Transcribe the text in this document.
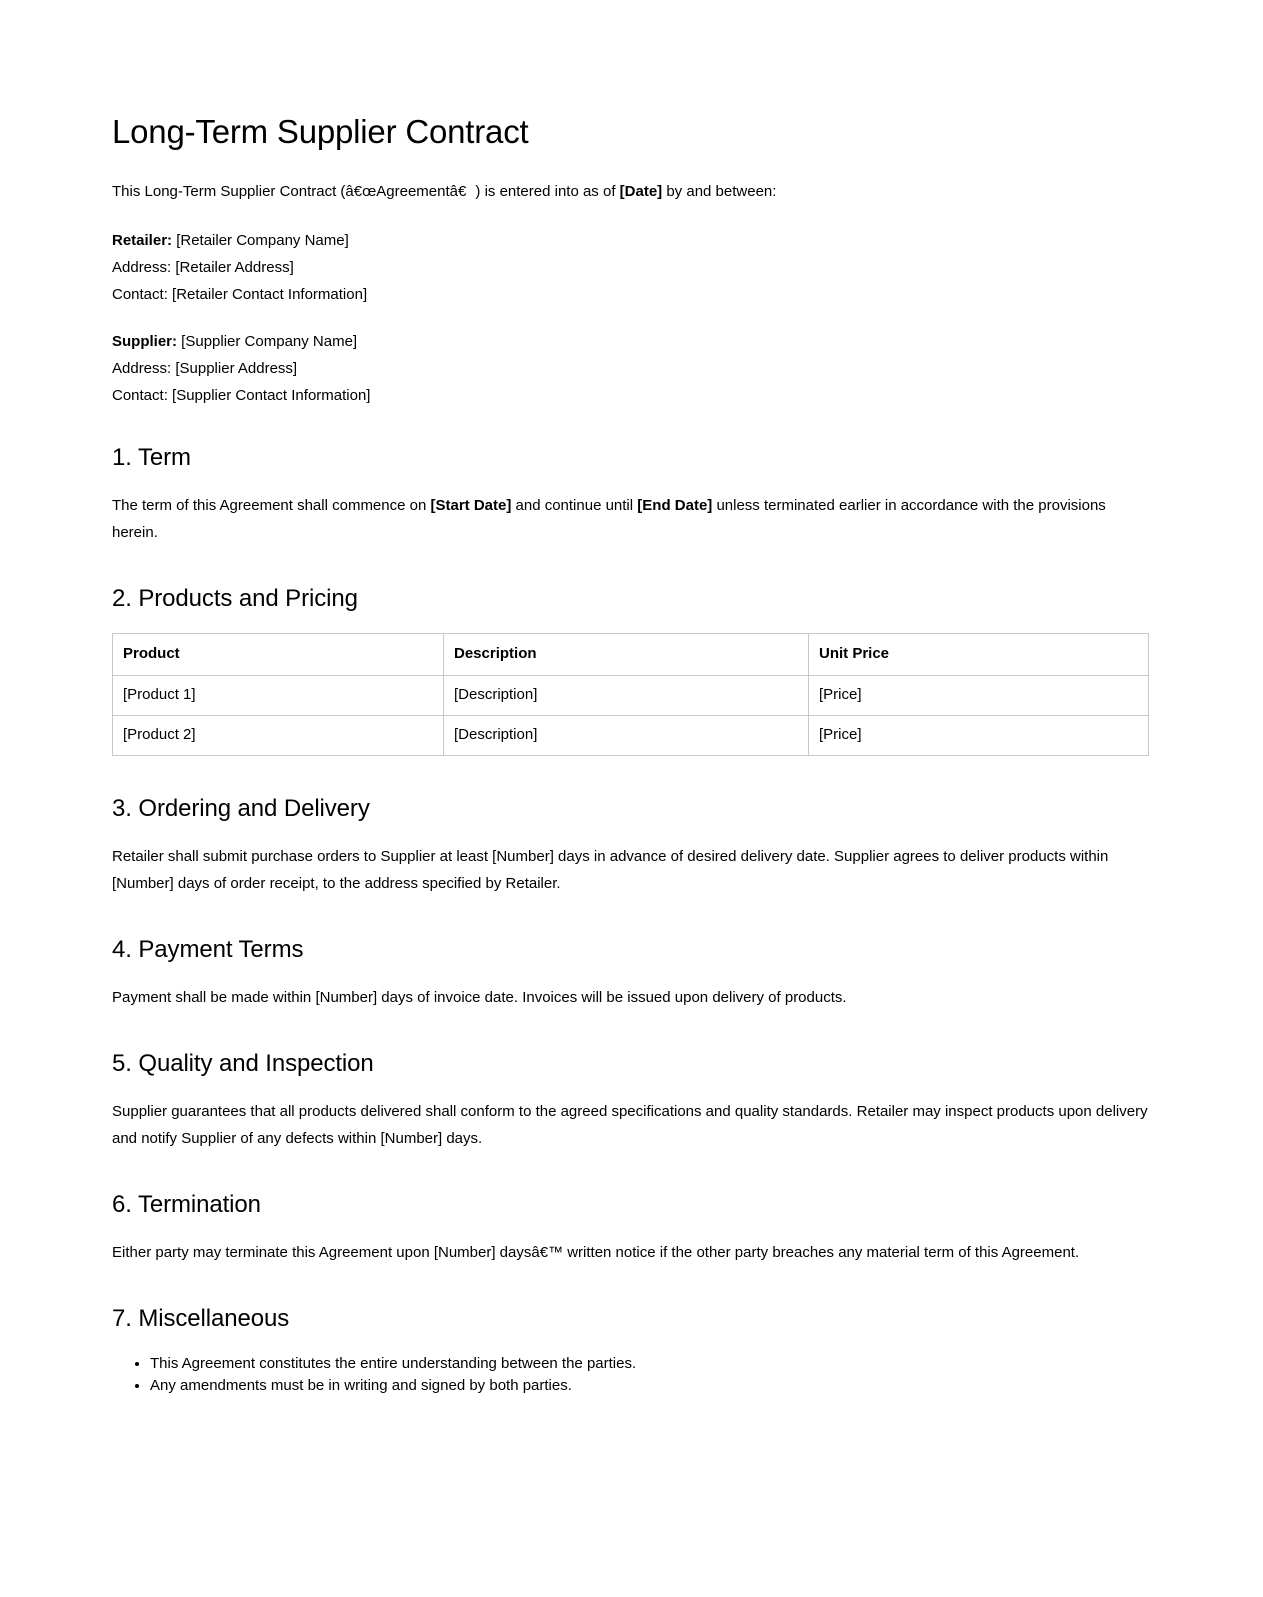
Long-Term Supplier Contract

This Long-Term Supplier Contract (â€œAgreementâ€) is entered into as of [Date] by and between:

Retailer: [Retailer Company Name]
Address: [Retailer Address]
Contact: [Retailer Contact Information]
Supplier: [Supplier Company Name]
Address: [Supplier Address]
Contact: [Supplier Contact Information]
1. Term

The term of this Agreement shall commence on [Start Date] and continue until [End Date] unless terminated earlier in accordance with the provisions herein.

2. Products and Pricing
Product	Description	Unit Price
[Product 1]	[Description]	[Price]
[Product 2]	[Description]	[Price]
3. Ordering and Delivery

Retailer shall submit purchase orders to Supplier at least [Number] days in advance of desired delivery date. Supplier agrees to deliver products within [Number] days of order receipt, to the address specified by Retailer.

4. Payment Terms

Payment shall be made within [Number] days of invoice date. Invoices will be issued upon delivery of products.

5. Quality and Inspection

Supplier guarantees that all products delivered shall conform to the agreed specifications and quality standards. Retailer may inspect products upon delivery and notify Supplier of any defects within [Number] days.

6. Termination

Either party may terminate this Agreement upon [Number] daysâ€™ written notice if the other party breaches any material term of this Agreement.

7. Miscellaneous
• This Agreement constitutes the entire understanding between the parties.
• Any amendments must be in writing and signed by both parties.
